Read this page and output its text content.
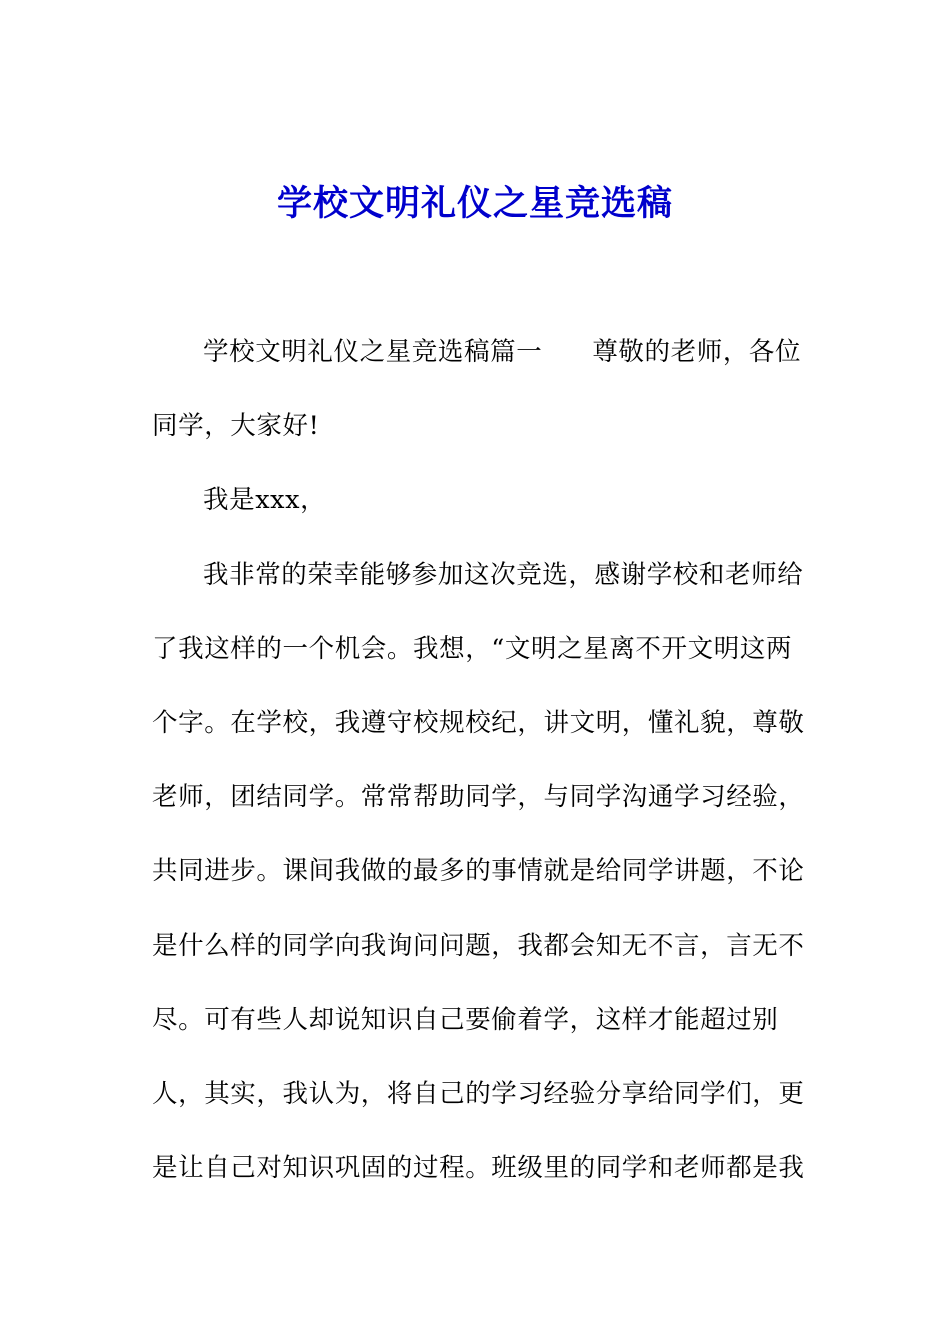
学校文明礼仪之星竞选稿
学校文明礼仪之星竞选稿篇一 尊敬的老师，各位
同学，大家好!
我是xxx，
我非常的荣幸能够参加这次竞选，感谢学校和老师给
了我这样的一个机会。我想，“文明之星离不开文明这两
个字。在学校，我遵守校规校纪，讲文明，懂礼貌，尊敬
老师，团结同学。常常帮助同学，与同学沟通学习经验，
共同进步。课间我做的最多的事情就是给同学讲题，不论
是什么样的同学向我询问问题，我都会知无不言，言无不
尽。可有些人却说知识自己要偷着学，这样才能超过别
人，其实，我认为，将自己的学习经验分享给同学们，更
是让自己对知识巩固的过程。班级里的同学和老师都是我
